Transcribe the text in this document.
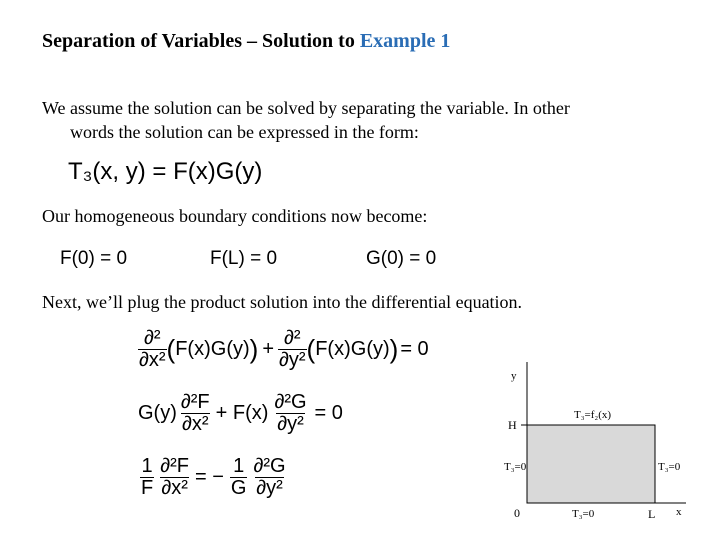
Separation of Variables – Solution to Example 1
We assume the solution can be solved by separating the variable. In other
words the solution can be expressed in the form:
T₃(x, y) = F(x)G(y)
Our homogeneous boundary conditions now become:
F(0) = 0	F(L) = 0	G(0) = 0
Next, we’ll plug the product solution into the differential equation.
$\frac{\text{∂²}}{\text{∂x²}}$ ( F(x)G(y) ) + $\frac{\text{∂²}}{\text{∂y²}}$ ( F(x)G(y) ) = 0
$G(y) \frac{\text{∂²F}}{\text{∂x²}} + F(x) \frac{\text{∂²G}}{\text{∂y²}} = 0$
$\frac{1}{F} \frac{\text{∂²F}}{\text{∂x²}}$ = − $\frac{1}{G} \frac{\text{∂²G}}{\text{∂y²}}$
y
x
H
0	L
T₃=f₂(x)
T₃=0	T₃=0
T₃=0
